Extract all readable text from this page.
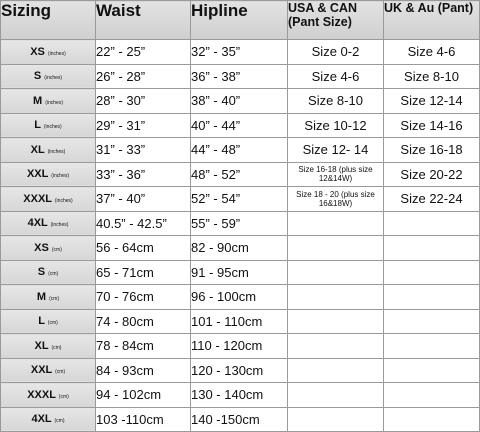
Sizing	Waist	Hipline	USA & CAN (Pant Size)	UK & Au (Pant)
XS (inches)	22” - 25”	32” - 35”	Size 0-2	Size 4-6
S (inches)	26” - 28”	36” - 38”	Size 4-6	Size 8-10
M (inches)	28” - 30”	38” - 40”	Size 8-10	Size 12-14
L (inches)	29” - 31”	40” - 44”	Size 10-12	Size 14-16
XL (inches)	31” - 33”	44” - 48”	Size 12- 14	Size 16-18
XXL (inches)	33” - 36”	48” - 52”	Size 16-18 (plus size 12&14W)	Size 20-22
XXXL (inches)	37” - 40”	52” - 54”	Size 18 - 20 (plus size 16&18W)	Size 22-24
4XL (inches)	40.5” - 42.5”	55” - 59”		
XS (cm)	56 - 64cm	82 - 90cm		
S (cm)	65 - 71cm	91 - 95cm		
M (cm)	70 - 76cm	96 - 100cm		
L (cm)	74 - 80cm	101 - 110cm		
XL (cm)	78 - 84cm	110 - 120cm		
XXL (cm)	84 - 93cm	120 - 130cm		
XXXL (cm)	94 - 102cm	130 - 140cm		
4XL (cm)	103 -110cm	140 -150cm		
